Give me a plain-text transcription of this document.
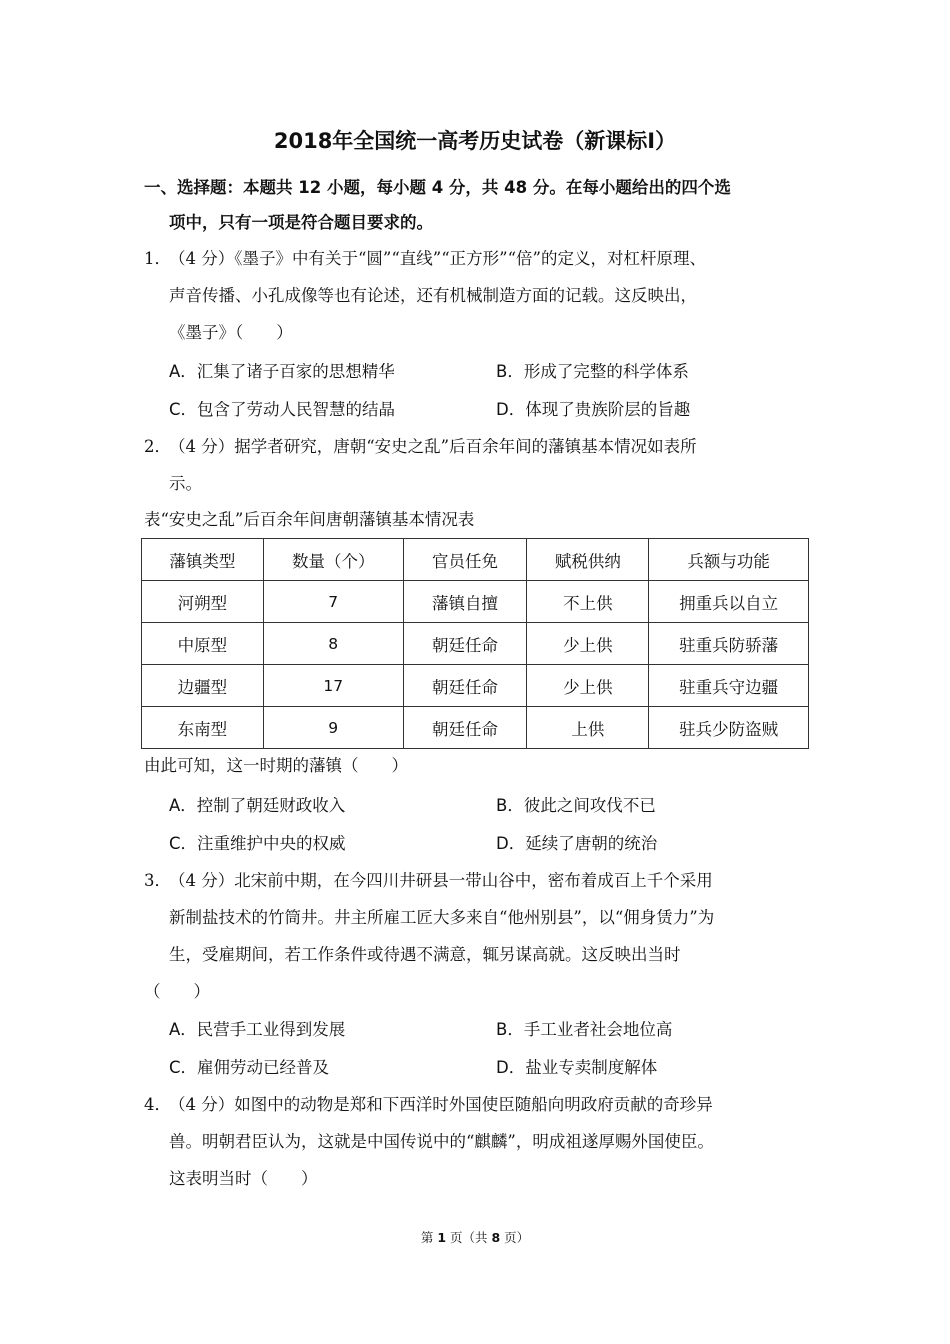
2018年全国统一高考历史试卷（新课标Ⅰ）
一、选择题：本题共 12 小题，每小题 4 分，共 48 分。在每小题给出的四个选
项中，只有一项是符合题目要求的。
1．
（4 分）《墨子》中有关于“圆”“直线”“正方形”“倍”的定义，对杠杆原理、
声音传播、小孔成像等也有论述，还有机械制造方面的记载。这反映出，
《墨子》（　　）
A．汇集了诸子百家的思想精华	B．形成了完整的科学体系
C．包含了劳动人民智慧的结晶	D．体现了贵族阶层的旨趣
2．
（4 分）据学者研究，唐朝“安史之乱”后百余年间的藩镇基本情况如表所
示。
表“安史之乱”后百余年间唐朝藩镇基本情况表
藩镇类型	数量（个）	官员任免	赋税供纳	兵额与功能
河朔型	7	藩镇自擅	不上供	拥重兵以自立
中原型	8	朝廷任命	少上供	驻重兵防骄藩
边疆型	17	朝廷任命	少上供	驻重兵守边疆
东南型	9	朝廷任命	上供	驻兵少防盗贼
由此可知，这一时期的藩镇（　　）
A．控制了朝廷财政收入	B．彼此之间攻伐不已
C．注重维护中央的权威	D．延续了唐朝的统治
3．
（4 分）北宋前中期，在今四川井研县一带山谷中，密布着成百上千个采用
新制盐技术的竹筒井。井主所雇工匠大多来自“他州别县”，以“佣身赁力”为
生，受雇期间，若工作条件或待遇不满意，辄另谋高就。这反映出当时
（　　）
A．民营手工业得到发展	B．手工业者社会地位高
C．雇佣劳动已经普及	D．盐业专卖制度解体
4．
（4 分）如图中的动物是郑和下西洋时外国使臣随船向明政府贡献的奇珍异
兽。明朝君臣认为，这就是中国传说中的“麒麟”，明成祖遂厚赐外国使臣。
这表明当时（　　）
第 1 页（共 8 页）
